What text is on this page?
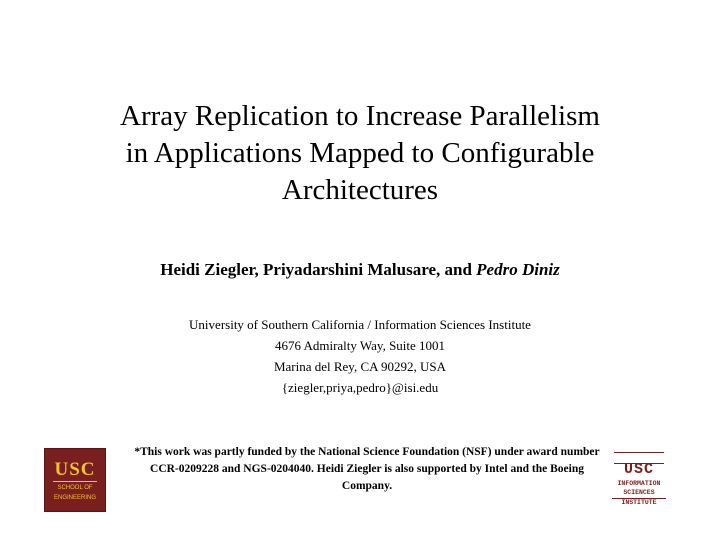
Array Replication to Increase Parallelism
in Applications Mapped to Configurable
Architectures
Heidi Ziegler, Priyadarshini Malusare, and Pedro Diniz
University of Southern California / Information Sciences Institute
4676 Admiralty Way, Suite 1001
Marina del Rey, CA 90292, USA
{ziegler,priya,pedro}@isi.edu
USC
SCHOOL OF
ENGINEERING
*This work was partly funded by the National Science Foundation (NSF) under award number CCR-0209228 and NGS-0204040. Heidi Ziegler is also supported by Intel and the Boeing Company.
USC
INFORMATION
SCIENCES
INSTITUTE
